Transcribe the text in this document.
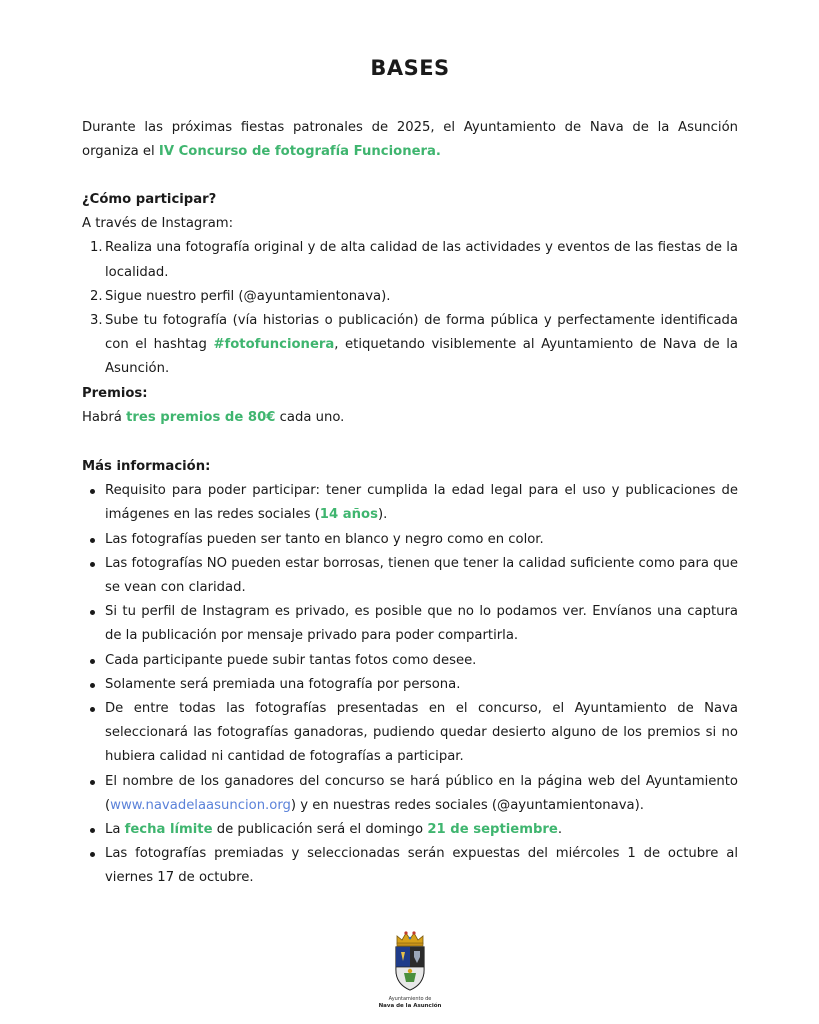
BASES
Durante las próximas fiestas patronales de 2025, el Ayuntamiento de Nava de la Asunción organiza el IV Concurso de fotografía Funcionera.
¿Cómo participar?
A través de Instagram:
1. Realiza una fotografía original y de alta calidad de las actividades y eventos de las fiestas de la localidad.
2. Sigue nuestro perfil (@ayuntamientonava).
3. Sube tu fotografía (vía historias o publicación) de forma pública y perfectamente identificada con el hashtag #fotofuncionera, etiquetando visiblemente al Ayuntamiento de Nava de la Asunción.
Premios:
Habrá tres premios de 80€ cada uno.
Más información:
Requisito para poder participar: tener cumplida la edad legal para el uso y publicaciones de imágenes en las redes sociales (14 años).
Las fotografías pueden ser tanto en blanco y negro como en color.
Las fotografías NO pueden estar borrosas, tienen que tener la calidad suficiente como para que se vean con claridad.
Si tu perfil de Instagram es privado, es posible que no lo podamos ver. Envíanos una captura de la publicación por mensaje privado para poder compartirla.
Cada participante puede subir tantas fotos como desee.
Solamente será premiada una fotografía por persona.
De entre todas las fotografías presentadas en el concurso, el Ayuntamiento de Nava seleccionará las fotografías ganadoras, pudiendo quedar desierto alguno de los premios si no hubiera calidad ni cantidad de fotografías a participar.
El nombre de los ganadores del concurso se hará público en la página web del Ayuntamiento (www.navadelaasuncion.org) y en nuestras redes sociales (@ayuntamientonava).
La fecha límite de publicación será el domingo 21 de septiembre.
Las fotografías premiadas y seleccionadas serán expuestas del miércoles 1 de octubre al viernes 17 de octubre.
Ayuntamiento de
Nava de la Asunción
